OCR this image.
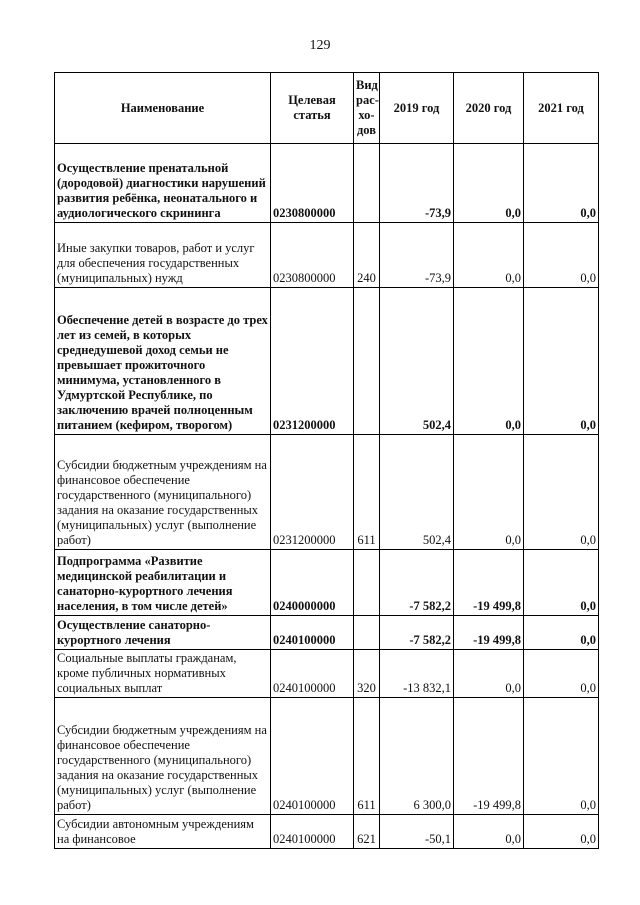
129
Наименование	Целевая статья	Вид рас-хо-дов	2019 год	2020 год	2021 год
Осуществление пренатальной (дородовой) диагностики нарушений развития ребёнка, неонатального и аудиологического скрининга	0230800000		-73,9	0,0	0,0
Иные закупки товаров, работ и услуг для обеспечения государственных (муниципальных) нужд	0230800000	240	-73,9	0,0	0,0
Обеспечение детей в возрасте до трех лет из семей, в которых среднедушевой доход семьи не превышает прожиточного минимума, установленного в Удмуртской Республике, по заключению врачей полноценным питанием (кефиром, творогом)	0231200000		502,4	0,0	0,0
Субсидии бюджетным учреждениям на финансовое обеспечение государственного (муниципального) задания на оказание государственных (муниципальных) услуг (выполнение работ)	0231200000	611	502,4	0,0	0,0
Подпрограмма «Развитие медицинской реабилитации и санаторно-курортного лечения населения, в том числе детей»	0240000000		-7 582,2	-19 499,8	0,0
Осуществление санаторно-курортного лечения	0240100000		-7 582,2	-19 499,8	0,0
Социальные выплаты гражданам, кроме публичных нормативных социальных выплат	0240100000	320	-13 832,1	0,0	0,0
Субсидии бюджетным учреждениям на финансовое обеспечение государственного (муниципального) задания на оказание государственных (муниципальных) услуг (выполнение работ)	0240100000	611	6 300,0	-19 499,8	0,0
Субсидии автономным учреждениям на финансовое	0240100000	621	-50,1	0,0	0,0
